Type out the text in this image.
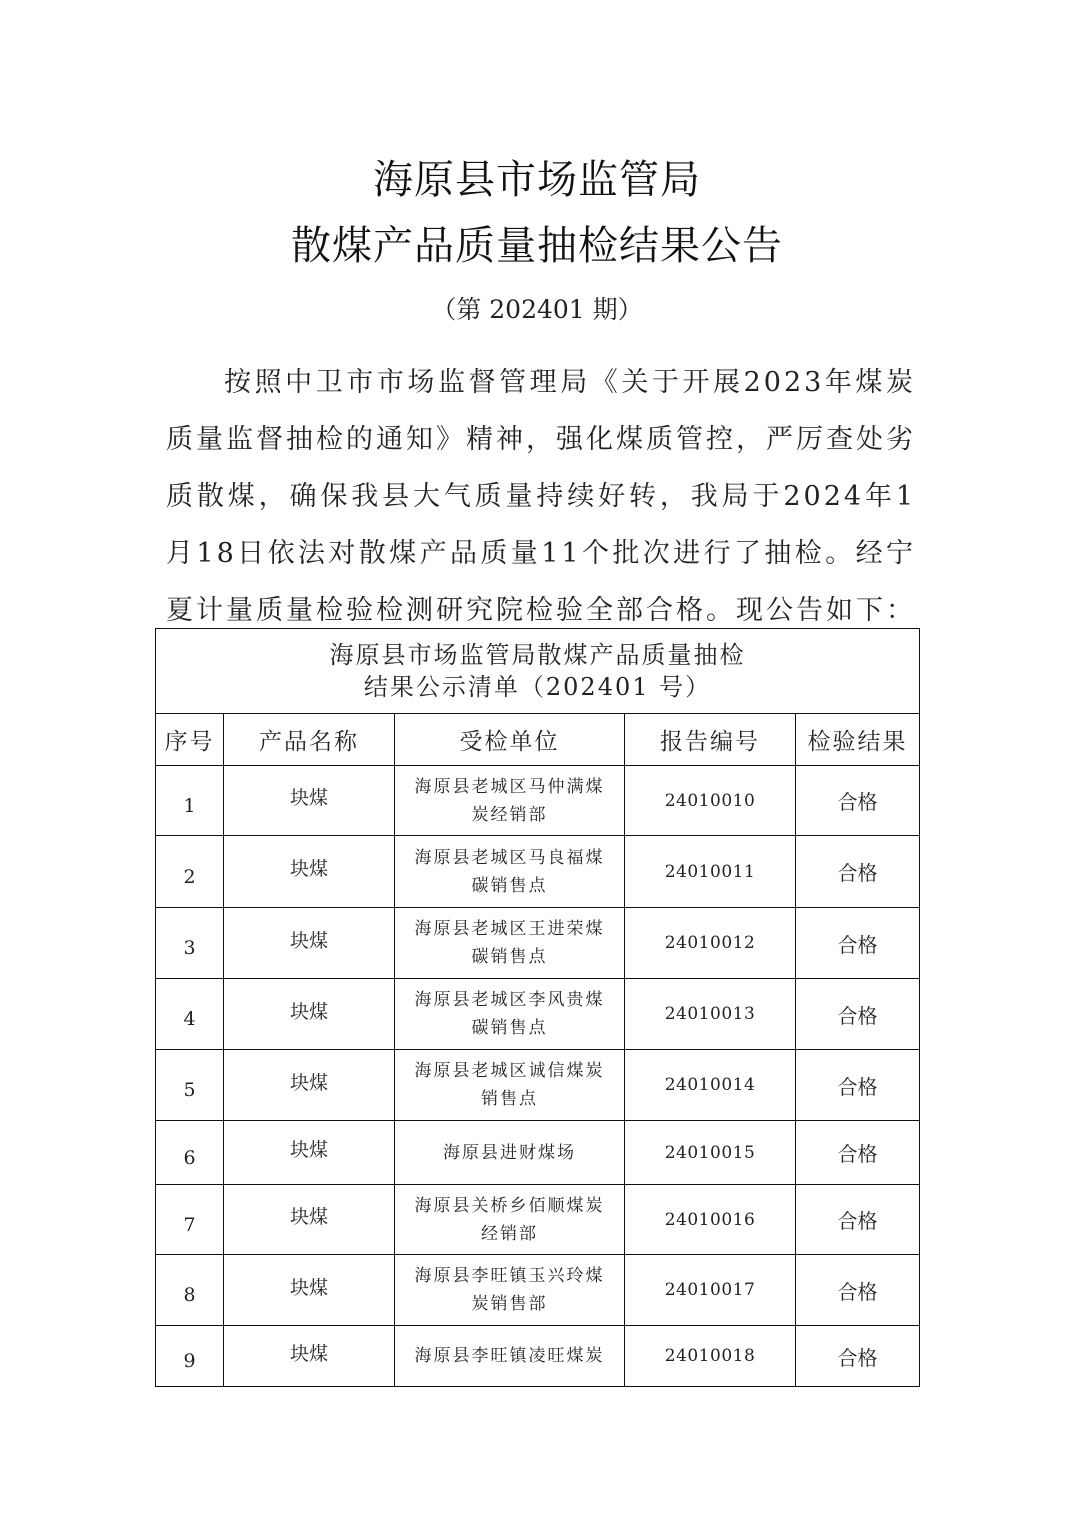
海原县市场监管局
散煤产品质量抽检结果公告
（第 202401 期）

按照中卫市市场监督管理局《关于开展2023年煤炭质量监督抽检的通知》精神，强化煤质管控，严厉查处劣质散煤，确保我县大气质量持续好转，我局于2024年1月18日依法对散煤产品质量11个批次进行了抽检。经宁夏计量质量检验检测研究院检验全部合格。现公告如下：

海原县市场监管局散煤产品质量抽检
结果公示清单（202401 号）				

序号	产品名称	受检单位	报告编号	检验结果
1	块煤	海原县老城区马仲满煤炭经销部	24010010	合格
2	块煤	海原县老城区马良福煤碳销售点	24010011	合格
3	块煤	海原县老城区王进荣煤碳销售点	24010012	合格
4	块煤	海原县老城区李风贵煤碳销售点	24010013	合格
5	块煤	海原县老城区诚信煤炭销售点	24010014	合格
6	块煤	海原县进财煤场	24010015	合格
7	块煤	海原县关桥乡佰顺煤炭经销部	24010016	合格
8	块煤	海原县李旺镇玉兴玲煤炭销售部	24010017	合格
9	块煤	海原县李旺镇凌旺煤炭	24010018	合格
